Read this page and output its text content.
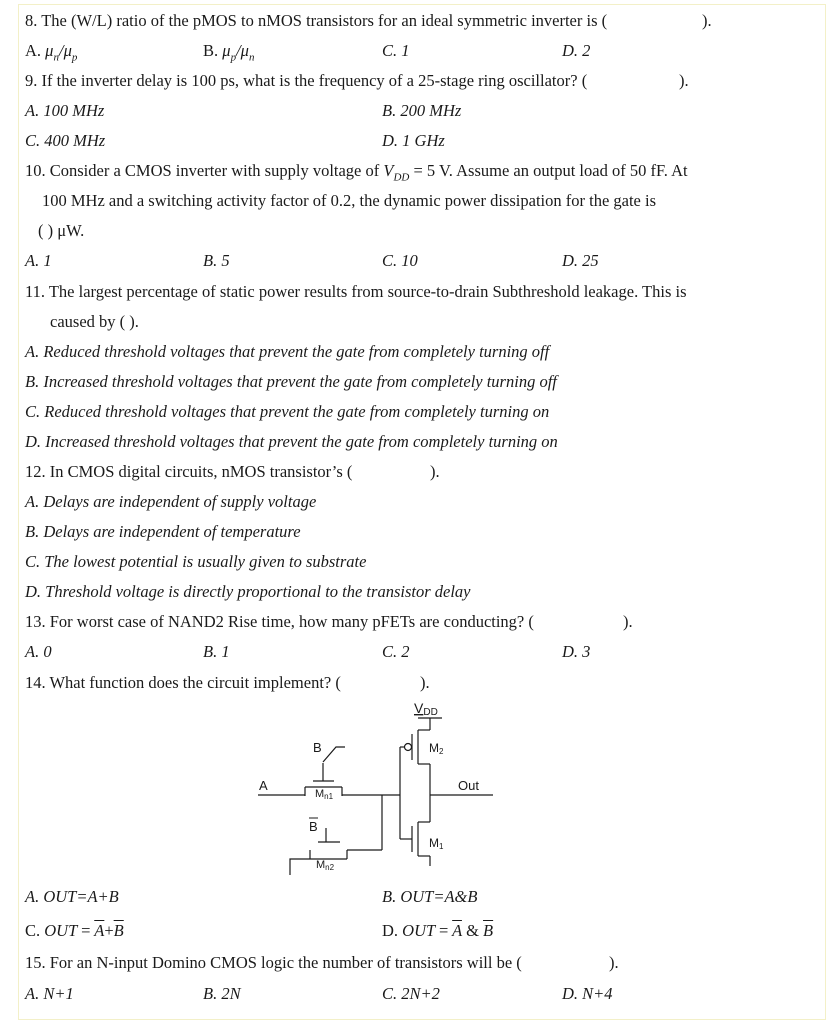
8. The (W/L) ratio of the pMOS to nMOS transistors for an ideal symmetric inverter is (	).
A. $\mu_n/\mu_p$	B. $\mu_p/\mu_n$	C. 1	D. 2
9. If the inverter delay is 100 ps, what is the frequency of a 25-stage ring oscillator? (	).
A. 100 MHz	B. 200 MHz
C. 400 MHz	D. 1 GHz
10. Consider a CMOS inverter with supply voltage of $V_{DD} = 5$ V. Assume an output load of 50 fF. At
100 MHz and a switching activity factor of 0.2, the dynamic power dissipation for the gate is
( ) μW.
A. 1	B. 5	C. 10	D. 25
11. The largest percentage of static power results from source-to-drain Subthreshold leakage. This is
caused by ( ).
A. Reduced threshold voltages that prevent the gate from completely turning off
B. Increased threshold voltages that prevent the gate from completely turning off
C. Reduced threshold voltages that prevent the gate from completely turning on
D. Increased threshold voltages that prevent the gate from completely turning on
12. In CMOS digital circuits, nMOS transistor’s (	).
A. Delays are independent of supply voltage
B. Delays are independent of temperature
C. The lowest potential is usually given to substrate
D. Threshold voltage is directly proportional to the transistor delay
13. For worst case of NAND2 Rise time, how many pFETs are conducting? (	).
A. 0	B. 1	C. 2	D. 3
14. What function does the circuit implement? (	).
VDD
M2
M1
Mn1
Mn2
A
B
B
Out
A. OUT=A+B	B. OUT=A&B
C. OUT = $\overline{A}+\overline{B}$	D. OUT = $\overline{A}$ & $\overline{B}$
15. For an N-input Domino CMOS logic the number of transistors will be (	).
A. N+1	B. 2N	C. 2N+2	D. N+4
